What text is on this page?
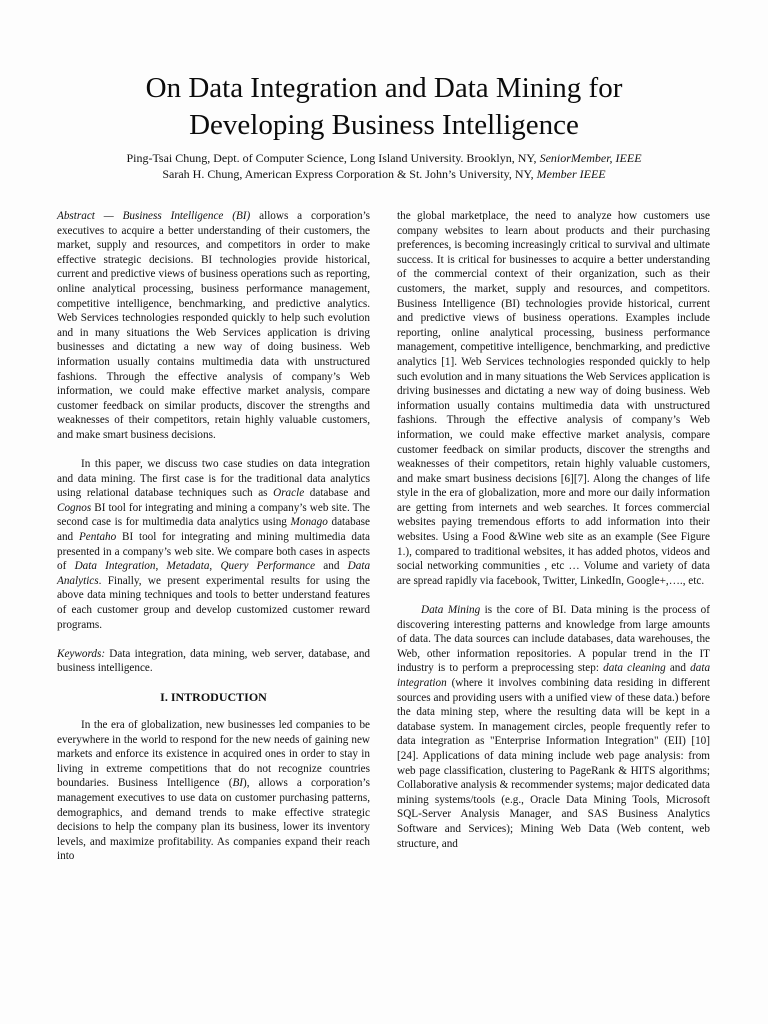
On Data Integration and Data Mining for
Developing Business Intelligence
Ping-Tsai Chung, Dept. of Computer Science, Long Island University. Brooklyn, NY, SeniorMember, IEEE
Sarah H. Chung, American Express Corporation & St. John’s University, NY, Member IEEE

Abstract — Business Intelligence (BI) allows a corporation’s executives to acquire a better understanding of their customers, the market, supply and resources, and competitors in order to make effective strategic decisions. BI technologies provide historical, current and predictive views of business operations such as reporting, online analytical processing, business performance management, competitive intelligence, benchmarking, and predictive analytics. Web Services technologies responded quickly to help such evolution and in many situations the Web Services application is driving businesses and dictating a new way of doing business. Web information usually contains multimedia data with unstructured fashions. Through the effective analysis of company’s Web information, we could make effective market analysis, compare customer feedback on similar products, discover the strengths and weaknesses of their competitors, retain highly valuable customers, and make smart business decisions.

In this paper, we discuss two case studies on data integration and data mining. The first case is for the traditional data analytics using relational database techniques such as Oracle database and Cognos BI tool for integrating and mining a company’s web site. The second case is for multimedia data analytics using Monago database and Pentaho BI tool for integrating and mining multimedia data presented in a company’s web site. We compare both cases in aspects of Data Integration, Metadata, Query Performance and Data Analytics. Finally, we present experimental results for using the above data mining techniques and tools to better understand features of each customer group and develop customized customer reward programs.

Keywords: Data integration, data mining, web server, database, and business intelligence.

I. INTRODUCTION

In the era of globalization, new businesses led companies to be everywhere in the world to respond for the new needs of gaining new markets and enforce its existence in acquired ones in order to stay in living in extreme competitions that do not recognize countries boundaries. Business Intelligence (BI), allows a corporation’s management executives to use data on customer purchasing patterns, demographics, and demand trends to make effective strategic decisions to help the company plan its business, lower its inventory levels, and maximize profitability. As companies expand their reach into

the global marketplace, the need to analyze how customers use company websites to learn about products and their purchasing preferences, is becoming increasingly critical to survival and ultimate success. It is critical for businesses to acquire a better understanding of the commercial context of their organization, such as their customers, the market, supply and resources, and competitors. Business Intelligence (BI) technologies provide historical, current and predictive views of business operations. Examples include reporting, online analytical processing, business performance management, competitive intelligence, benchmarking, and predictive analytics [1]. Web Services technologies responded quickly to help such evolution and in many situations the Web Services application is driving businesses and dictating a new way of doing business. Web information usually contains multimedia data with unstructured fashions. Through the effective analysis of company’s Web information, we could make effective market analysis, compare customer feedback on similar products, discover the strengths and weaknesses of their competitors, retain highly valuable customers, and make smart business decisions [6][7]. Along the changes of life style in the era of globalization, more and more our daily information are getting from internets and web searches. It forces commercial websites paying tremendous efforts to add information into their websites. Using a Food &Wine web site as an example (See Figure 1.), compared to traditional websites, it has added photos, videos and social networking communities , etc … Volume and variety of data are spread rapidly via facebook, Twitter, LinkedIn, Google+,…., etc.

Data Mining is the core of BI. Data mining is the process of discovering interesting patterns and knowledge from large amounts of data. The data sources can include databases, data warehouses, the Web, other information repositories. A popular trend in the IT industry is to perform a preprocessing step: data cleaning and data integration (where it involves combining data residing in different sources and providing users with a unified view of these data.) before the data mining step, where the resulting data will be kept in a database system. In management circles, people frequently refer to data integration as "Enterprise Information Integration" (EII) [10] [24]. Applications of data mining include web page analysis: from web page classification, clustering to PageRank & HITS algorithms; Collaborative analysis & recommender systems; major dedicated data mining systems/tools (e.g., Oracle Data Mining Tools, Microsoft SQL-Server Analysis Manager, and SAS Business Analytics Software and Services); Mining Web Data (Web content, web structure, and
